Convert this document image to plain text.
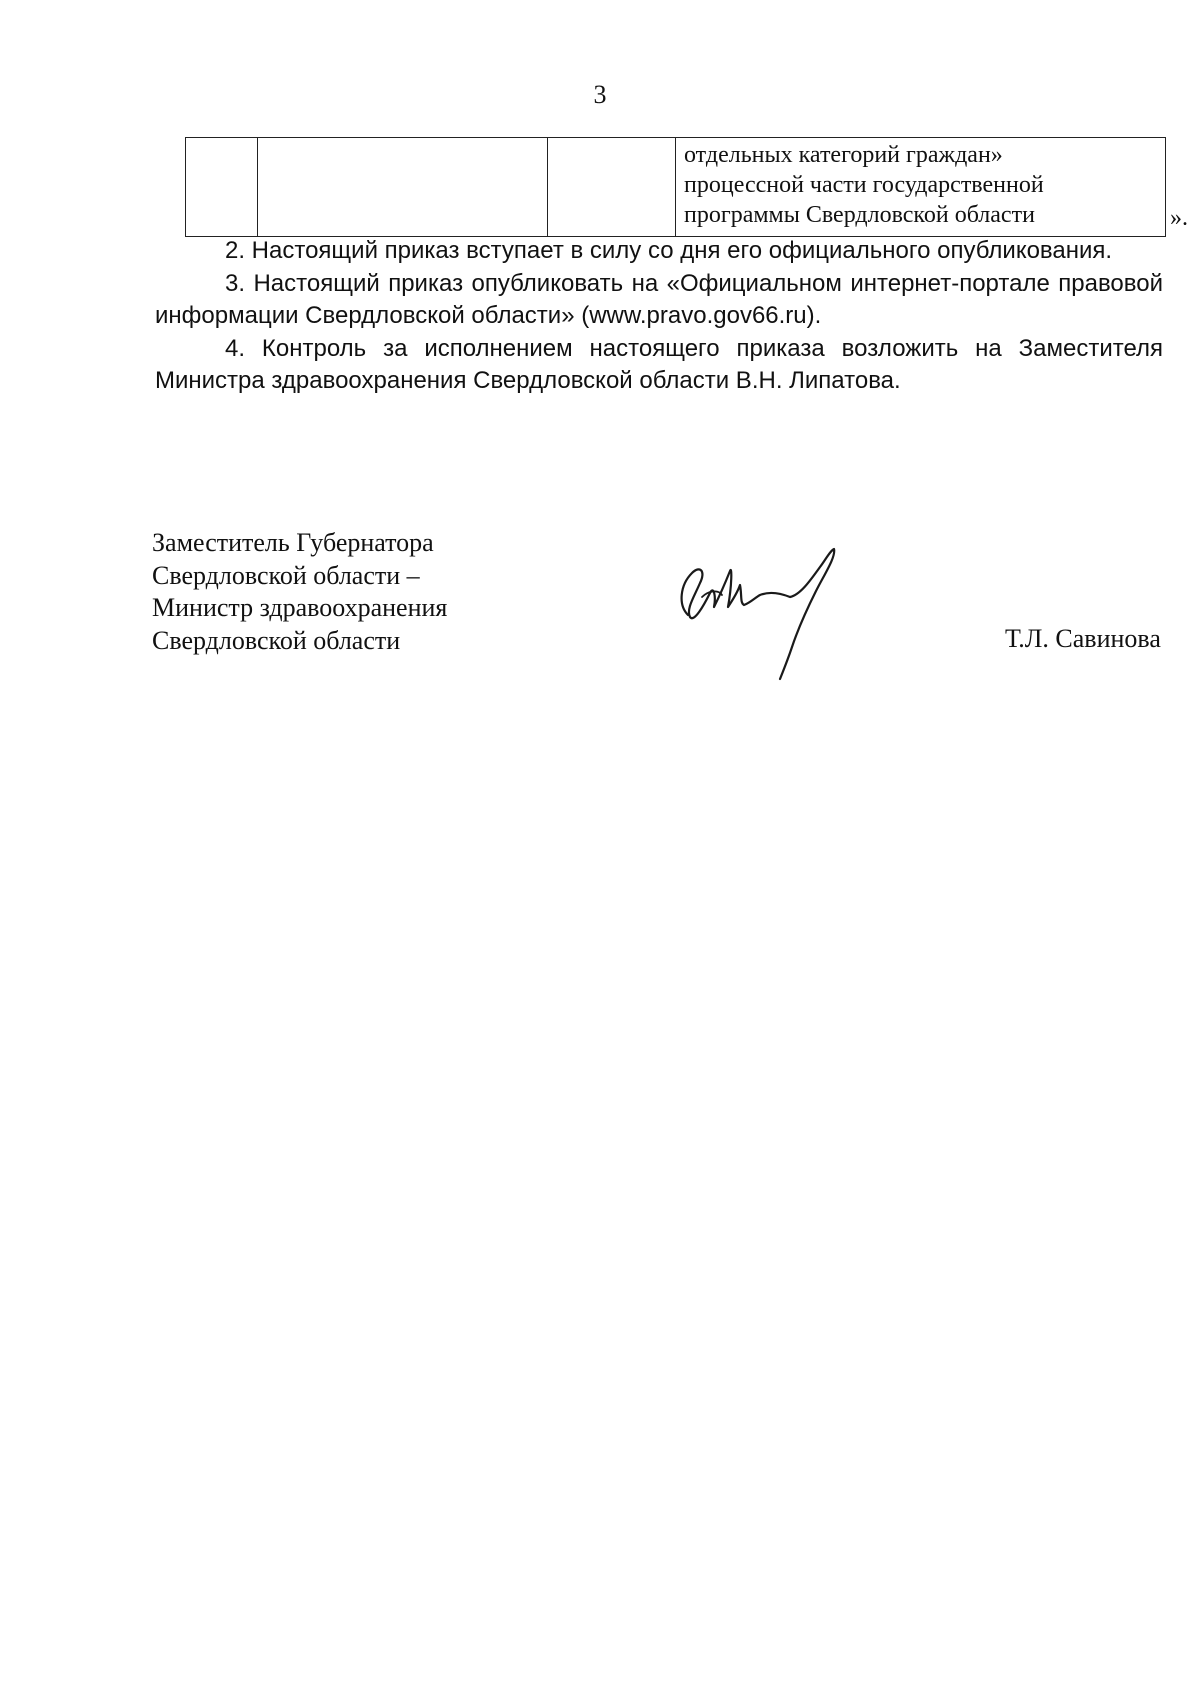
3

отдельных категорий граждан»
процессной части государственной
программы Свердловской области	».

2. Настоящий приказ вступает в силу со дня его официального опубликования.

3. Настоящий приказ опубликовать на «Официальном интернет-портале правовой информации Свердловской области» (www.pravo.gov66.ru).

4. Контроль за исполнением настоящего приказа возложить на Заместителя Министра здравоохранения Свердловской области В.Н. Липатова.

Заместитель Губернатора
Свердловской области –
Министр здравоохранения
Свердловской области	Т.Л. Савинова
